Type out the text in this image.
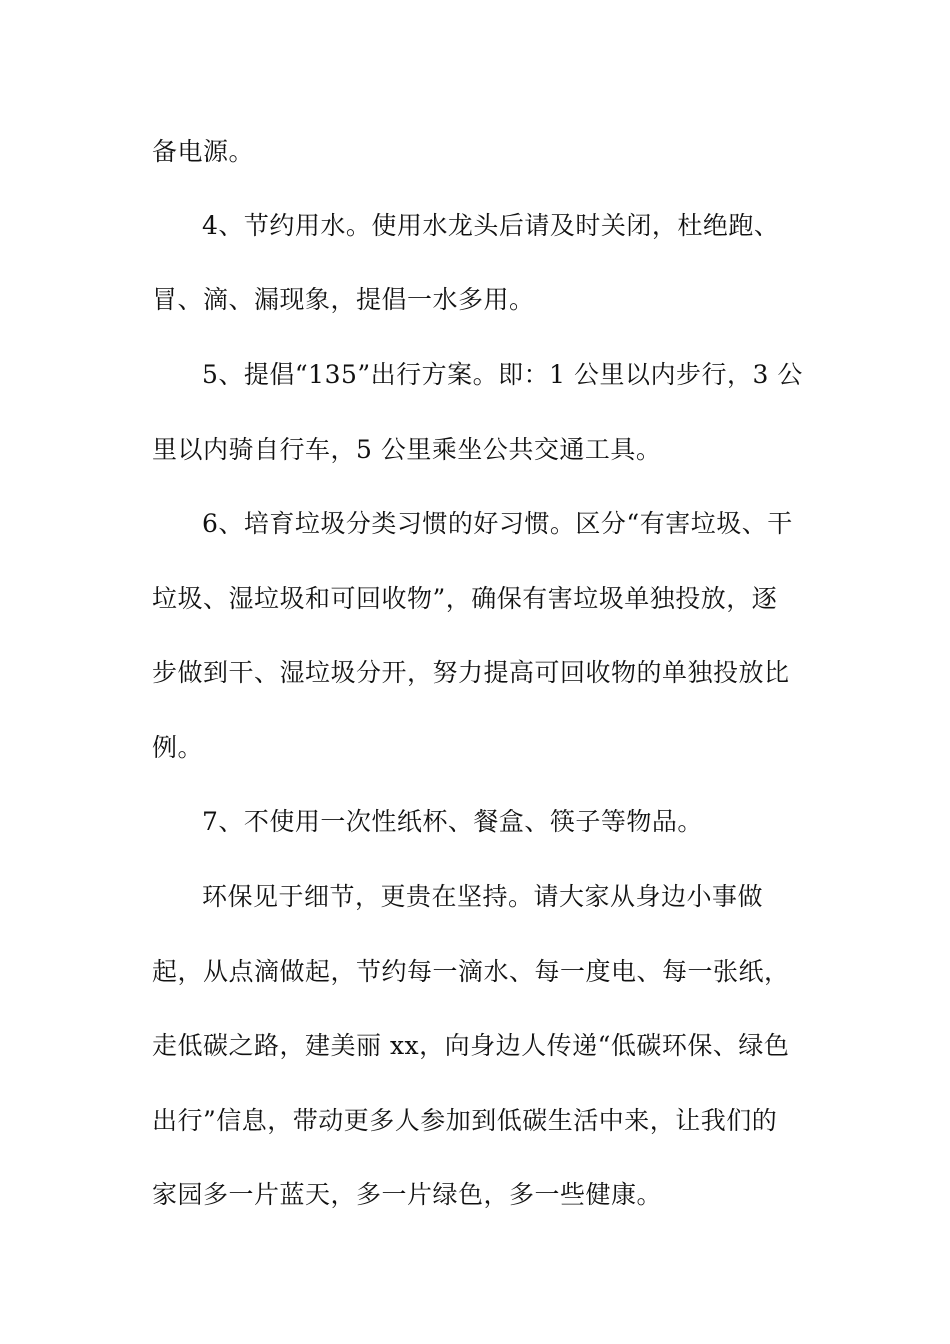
备电源。
4、节约用水。使用水龙头后请及时关闭，杜绝跑、
冒、滴、漏现象，提倡一水多用。
5、提倡“135”出行方案。即：1 公里以内步行，3 公
里以内骑自行车，5 公里乘坐公共交通工具。
6、培育垃圾分类习惯的好习惯。区分“有害垃圾、干
垃圾、湿垃圾和可回收物”，确保有害垃圾单独投放，逐
步做到干、湿垃圾分开，努力提高可回收物的单独投放比
例。
7、不使用一次性纸杯、餐盒、筷子等物品。
环保见于细节，更贵在坚持。请大家从身边小事做
起，从点滴做起，节约每一滴水、每一度电、每一张纸，
走低碳之路，建美丽 xx，向身边人传递“低碳环保、绿色
出行”信息，带动更多人参加到低碳生活中来，让我们的
家园多一片蓝天，多一片绿色，多一些健康。
